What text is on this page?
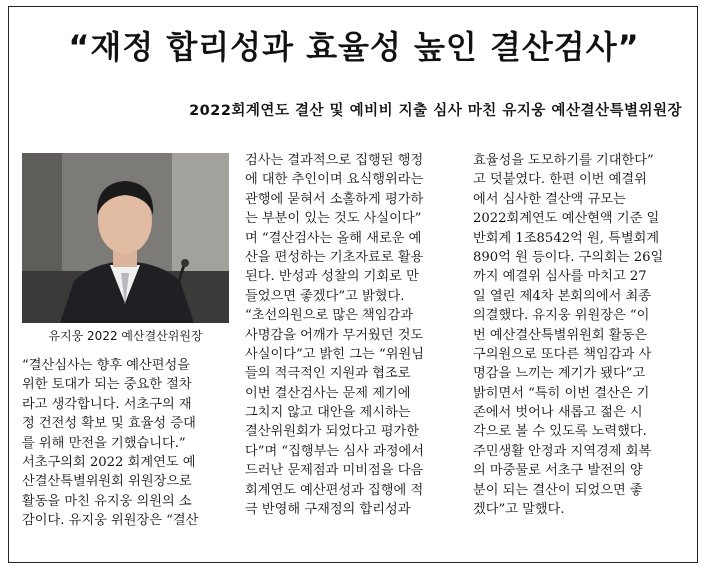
“재정 합리성과 효율성 높인 결산검사”
2022회계연도 결산 및 예비비 지출 심사 마친 유지웅 예산결산특별위원장
유지웅 2022 예산결산위원장
“결산심사는 향후 예산편성을
위한 토대가 되는 중요한 절차
라고 생각합니다. 서초구의 재
정 건전성 확보 및 효율성 증대
를 위해 만전을 기했습니다.”
서초구의회 2022 회계연도 예
산결산특별위원회 위원장으로
활동을 마친 유지웅 의원의 소
감이다. 유지웅 위원장은 “결산
검사는 결과적으로 집행된 행정
에 대한 추인이며 요식행위라는
관행에 묻혀서 소홀하게 평가하
는 부분이 있는 것도 사실이다”
며 “결산검사는 올해 새로운 예
산을 편성하는 기초자료로 활용
된다. 반성과 성찰의 기회로 만
들었으면 좋겠다”고 밝혔다.
“초선의원으로 많은 책임감과
사명감을 어깨가 무거웠던 것도
사실이다”고 밝힌 그는 “위원님
들의 적극적인 지원과 협조로
이번 결산검사는 문제 제기에
그치지 않고 대안을 제시하는
결산위원회가 되었다고 평가한
다”며 “집행부는 심사 과정에서
드러난 문제점과 미비점을 다음
회계연도 예산편성과 집행에 적
극 반영해 구재정의 합리성과
효율성을 도모하기를 기대한다”
고 덧붙였다. 한편 이번 예결위
에서 심사한 결산액 규모는
2022회계연도 예산현액 기준 일
반회계 1조8542억 원, 특별회계
890억 원 등이다. 구의회는 26일
까지 예결위 심사를 마치고 27
일 열린 제4차 본회의에서 최종
의결했다. 유지웅 위원장은 “이
번 예산결산특별위원회 활동은
구의원으로 또다른 책임감과 사
명감을 느끼는 계기가 됐다”고
밝히면서 “특히 이번 결산은 기
존에서 벗어나 새롭고 젊은 시
각으로 볼 수 있도록 노력했다.
주민생활 안정과 지역경제 회복
의 마중물로 서초구 발전의 양
분이 되는 결산이 되었으면 좋
겠다”고 말했다.
